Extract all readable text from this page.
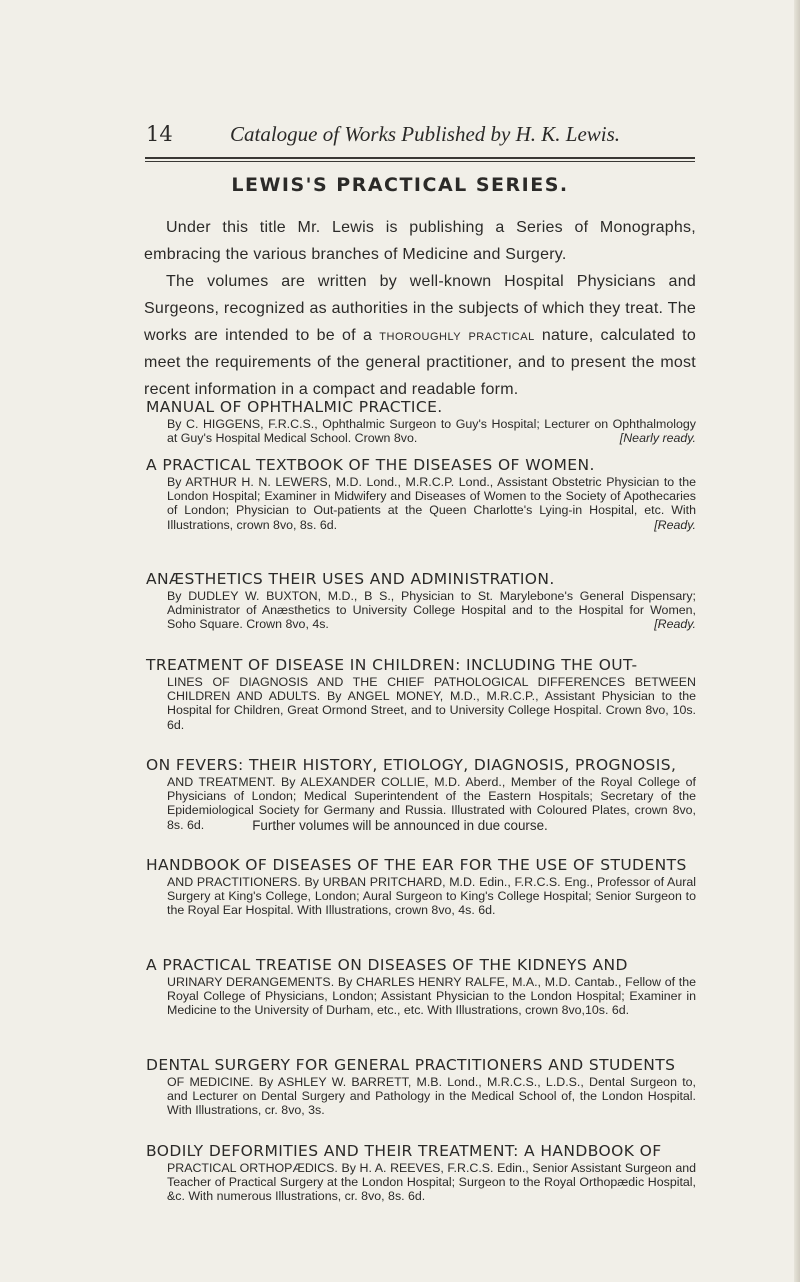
14	Catalogue of Works Published by H. K. Lewis.
LEWIS'S PRACTICAL SERIES.

Under this title Mr. Lewis is publishing a Series of Monographs, embracing the various branches of Medicine and Surgery.

The volumes are written by well-known Hospital Physicians and Surgeons, recognized as authorities in the subjects of which they treat. The works are intended to be of a thoroughly practical nature, calculated to meet the requirements of the general practitioner, and to present the most recent information in a compact and readable form.

MANUAL OF OPHTHALMIC PRACTICE.
By C. HIGGENS, F.R.C.S., Ophthalmic Surgeon to Guy's Hospital; Lecturer on Ophthalmology at Guy's Hospital Medical School. Crown 8vo.	[Nearly ready.
A PRACTICAL TEXTBOOK OF THE DISEASES OF WOMEN.
By ARTHUR H. N. LEWERS, M.D. Lond., M.R.C.P. Lond., Assistant Obstetric Physician to the London Hospital; Examiner in Midwifery and Diseases of Women to the Society of Apothecaries of London; Physician to Out-patients at the Queen Charlotte's Lying-in Hospital, etc. With Illustrations, crown 8vo, 8s. 6d.	[Ready.
ANÆSTHETICS THEIR USES AND ADMINISTRATION.
By DUDLEY W. BUXTON, M.D., B S., Physician to St. Marylebone's General Dispensary; Administrator of Anæsthetics to University College Hospital and to the Hospital for Women, Soho Square. Crown 8vo, 4s.	[Ready.
TREATMENT OF DISEASE IN CHILDREN: INCLUDING THE OUT-
LINES OF DIAGNOSIS AND THE CHIEF PATHOLOGICAL DIFFERENCES BETWEEN CHILDREN AND ADULTS. By ANGEL MONEY, M.D., M.R.C.P., Assistant Physician to the Hospital for Children, Great Ormond Street, and to University College Hospital. Crown 8vo, 10s. 6d.
ON FEVERS: THEIR HISTORY, ETIOLOGY, DIAGNOSIS, PROGNOSIS,
AND TREATMENT. By ALEXANDER COLLIE, M.D. Aberd., Member of the Royal College of Physicians of London; Medical Superintendent of the Eastern Hospitals; Secretary of the Epidemiological Society for Germany and Russia. Illustrated with Coloured Plates, crown 8vo, 8s. 6d.
HANDBOOK OF DISEASES OF THE EAR FOR THE USE OF STUDENTS
AND PRACTITIONERS. By URBAN PRITCHARD, M.D. Edin., F.R.C.S. Eng., Professor of Aural Surgery at King's College, London; Aural Surgeon to King's College Hospital; Senior Surgeon to the Royal Ear Hospital. With Illustrations, crown 8vo, 4s. 6d.
A PRACTICAL TREATISE ON DISEASES OF THE KIDNEYS AND
URINARY DERANGEMENTS. By CHARLES HENRY RALFE, M.A., M.D. Cantab., Fellow of the Royal College of Physicians, London; Assistant Physician to the London Hospital; Examiner in Medicine to the University of Durham, etc., etc. With Illustrations, crown 8vo,10s. 6d.
DENTAL SURGERY FOR GENERAL PRACTITIONERS AND STUDENTS
OF MEDICINE. By ASHLEY W. BARRETT, M.B. Lond., M.R.C.S., L.D.S., Dental Surgeon to, and Lecturer on Dental Surgery and Pathology in the Medical School of, the London Hospital. With Illustrations, cr. 8vo, 3s.
BODILY DEFORMITIES AND THEIR TREATMENT: A HANDBOOK OF
PRACTICAL ORTHOPÆDICS. By H. A. REEVES, F.R.C.S. Edin., Senior Assistant Surgeon and Teacher of Practical Surgery at the London Hospital; Surgeon to the Royal Orthopædic Hospital, &c. With numerous Illustrations, cr. 8vo, 8s. 6d.
Further volumes will be announced in due course.
